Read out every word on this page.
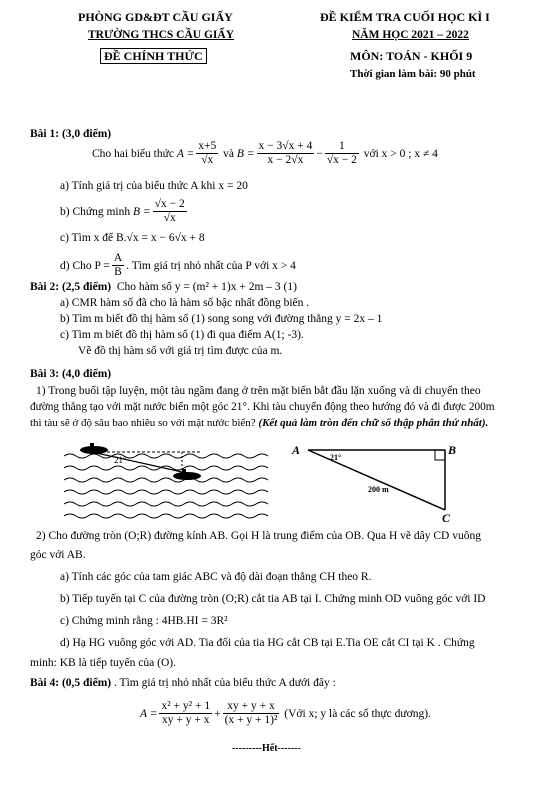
PHÒNG GD&ĐT CẦU GIẤY
TRƯỜNG THCS CẦU GIẤY
ĐỀ CHÍNH THỨC
ĐỀ KIỂM TRA CUỐI HỌC KÌ I
NĂM HỌC 2021 – 2022
MÔN: TOÁN - KHỐI 9
Thời gian làm bài: 90 phút
Bài 1: (3,0 điểm)
Cho hai biểu thức
$A = \frac{x+5}{√x}$
và
$B = \frac{x - 3√x + 4}{x - 2√x} - \frac{1}{√x - 2}$
với x > 0 ; x ≠ 4
a) Tính giá trị của biểu thức A khi x = 20
b) Chứng minh
$B = \frac{√x - 2}{√x}$
c) Tìm x để B.√x = x − 6√x + 8
d) Cho $P = \frac{A}{B}$ . Tìm giá trị nhỏ nhất của P với x > 4
Bài 2: (2,5 điểm) Cho hàm số y = (m² + 1)x + 2m – 3 (1)
a) CMR hàm số đã cho là hàm số bậc nhất đồng biến .
b) Tìm m biết đồ thị hàm số (1) song song với đường thẳng y = 2x – 1
c) Tìm m biết đồ thị hàm số (1) đi qua điểm A(1; -3).
Vẽ đồ thị hàm số với giá trị tìm được của m.
Bài 3: (4,0 điểm)
1) Trong buổi tập luyện, một tàu ngầm đang ở trên mặt biển bắt đầu lặn xuống và di chuyển theo
đường thẳng tạo với mặt nước biển một góc 21°. Khi tàu chuyển động theo hướng đó và đi được 200m
thì tàu sẽ ở độ sâu bao nhiêu so với mặt nước biển? (Kết quả làm tròn đến chữ số thập phân thứ nhất).
21°
A	B
C
21°
200 m
2) Cho đường tròn (O;R) đường kính AB. Gọi H là trung điểm của OB. Qua H vẽ dây CD vuông
góc với AB.
a) Tính các góc của tam giác ABC và độ dài đoạn thẳng CH theo R.
b) Tiếp tuyến tại C của đường tròn (O;R) cắt tia AB tại I. Chứng minh OD vuông góc với ID
c) Chứng minh rằng : 4HB.HI = 3R²
d) Hạ HG vuông góc với AD. Tia đối của tia HG cắt CB tại E.Tia OE cắt CI tại K . Chứng
minh: KB là tiếp tuyến của (O).
Bài 4: (0,5 điểm) . Tìm giá trị nhỏ nhất của biểu thức A dưới đây :
$A = \frac{\text{x² + y² + 1}}{xy + y + x} + \frac{xy + y + x}{\text{(x + y + 1)²}}$
(Với x; y là các số thực dương).
---------Hết-------
